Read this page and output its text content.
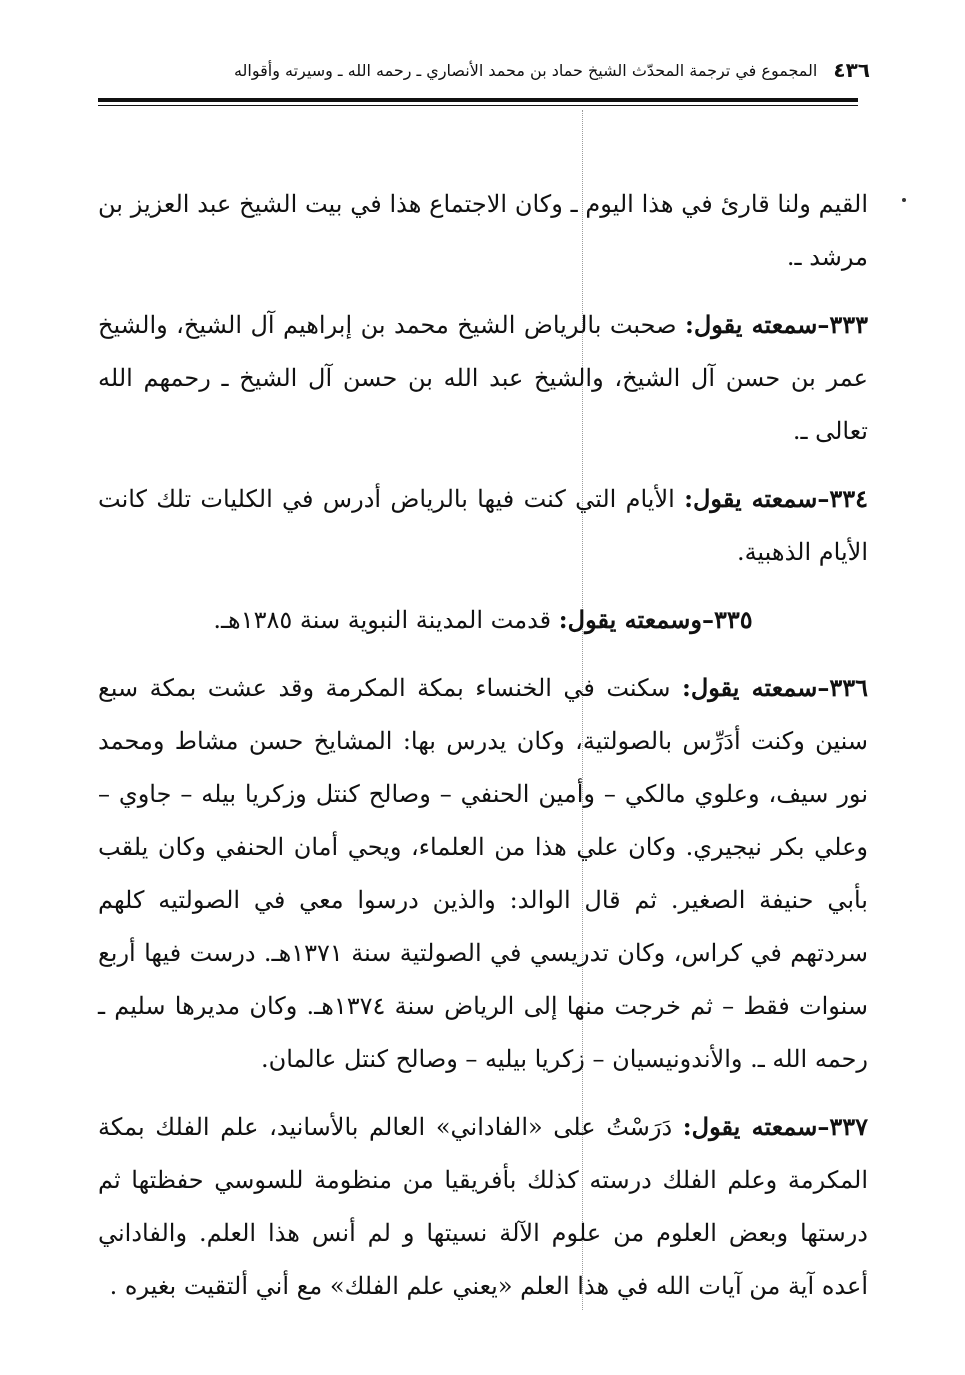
٤٣٦
المجموع في ترجمة المحدّث الشيخ حماد بن محمد الأنصاري ـ رحمه الله ـ وسيرته وأقواله

القيم ولنا قارئ في هذا اليوم ـ وكان الاجتماع هذا في بيت الشيخ عبد العزيز بن مرشد ـ.

٣٣٣–سمعته يقول: صحبت بالرياض الشيخ محمد بن إبراهيم آل الشيخ، والشيخ عمر بن حسن آل الشيخ، والشيخ عبد الله بن حسن آل الشيخ ـ رحمهم الله تعالى ـ.

٣٣٤–سمعته يقول: الأيام التي كنت فيها بالرياض أدرس في الكليات تلك كانت الأيام الذهبية.

٣٣٥–وسمعته يقول: قدمت المدينة النبوية سنة ١٣٨٥هـ.

٣٣٦–سمعته يقول: سكنت في الخنساء بمكة المكرمة وقد عشت بمكة سبع سنين وكنت أدَرِّس بالصولتية، وكان يدرس بها: المشايخ حسن مشاط ومحمد نور سيف، وعلوي مالكي – وأمين الحنفي – وصالح كنتل وزكريا بيله – جاوي – وعلي بكر نيجيري. وكان علي هذا من العلماء، ويحي أمان الحنفي وكان يلقب بأبي حنيفة الصغير. ثم قال الوالد: والذين درسوا معي في الصولتيه كلهم سردتهم في كراس، وكان تدريسي في الصولتية سنة ١٣٧١هـ. درست فيها أربع سنوات فقط – ثم خرجت منها إلى الرياض سنة ١٣٧٤هـ. وكان مديرها سليم ـ رحمه الله ـ. والأندونيسيان – زكريا بيليه – وصالح كنتل عالمان.

٣٣٧–سمعته يقول: دَرَسْتُ على «الفاداني» العالم بالأسانيد، علم الفلك بمكة المكرمة وعلم الفلك درسته كذلك بأفريقيا من منظومة للسوسي حفظتها ثم درستها وبعض العلوم من علوم الآلة نسيتها و لم أنس هذا العلم. والفاداني أعده آية من آيات الله في هذا العلم «يعني علم الفلك» مع أني ألتقيت بغيره .
